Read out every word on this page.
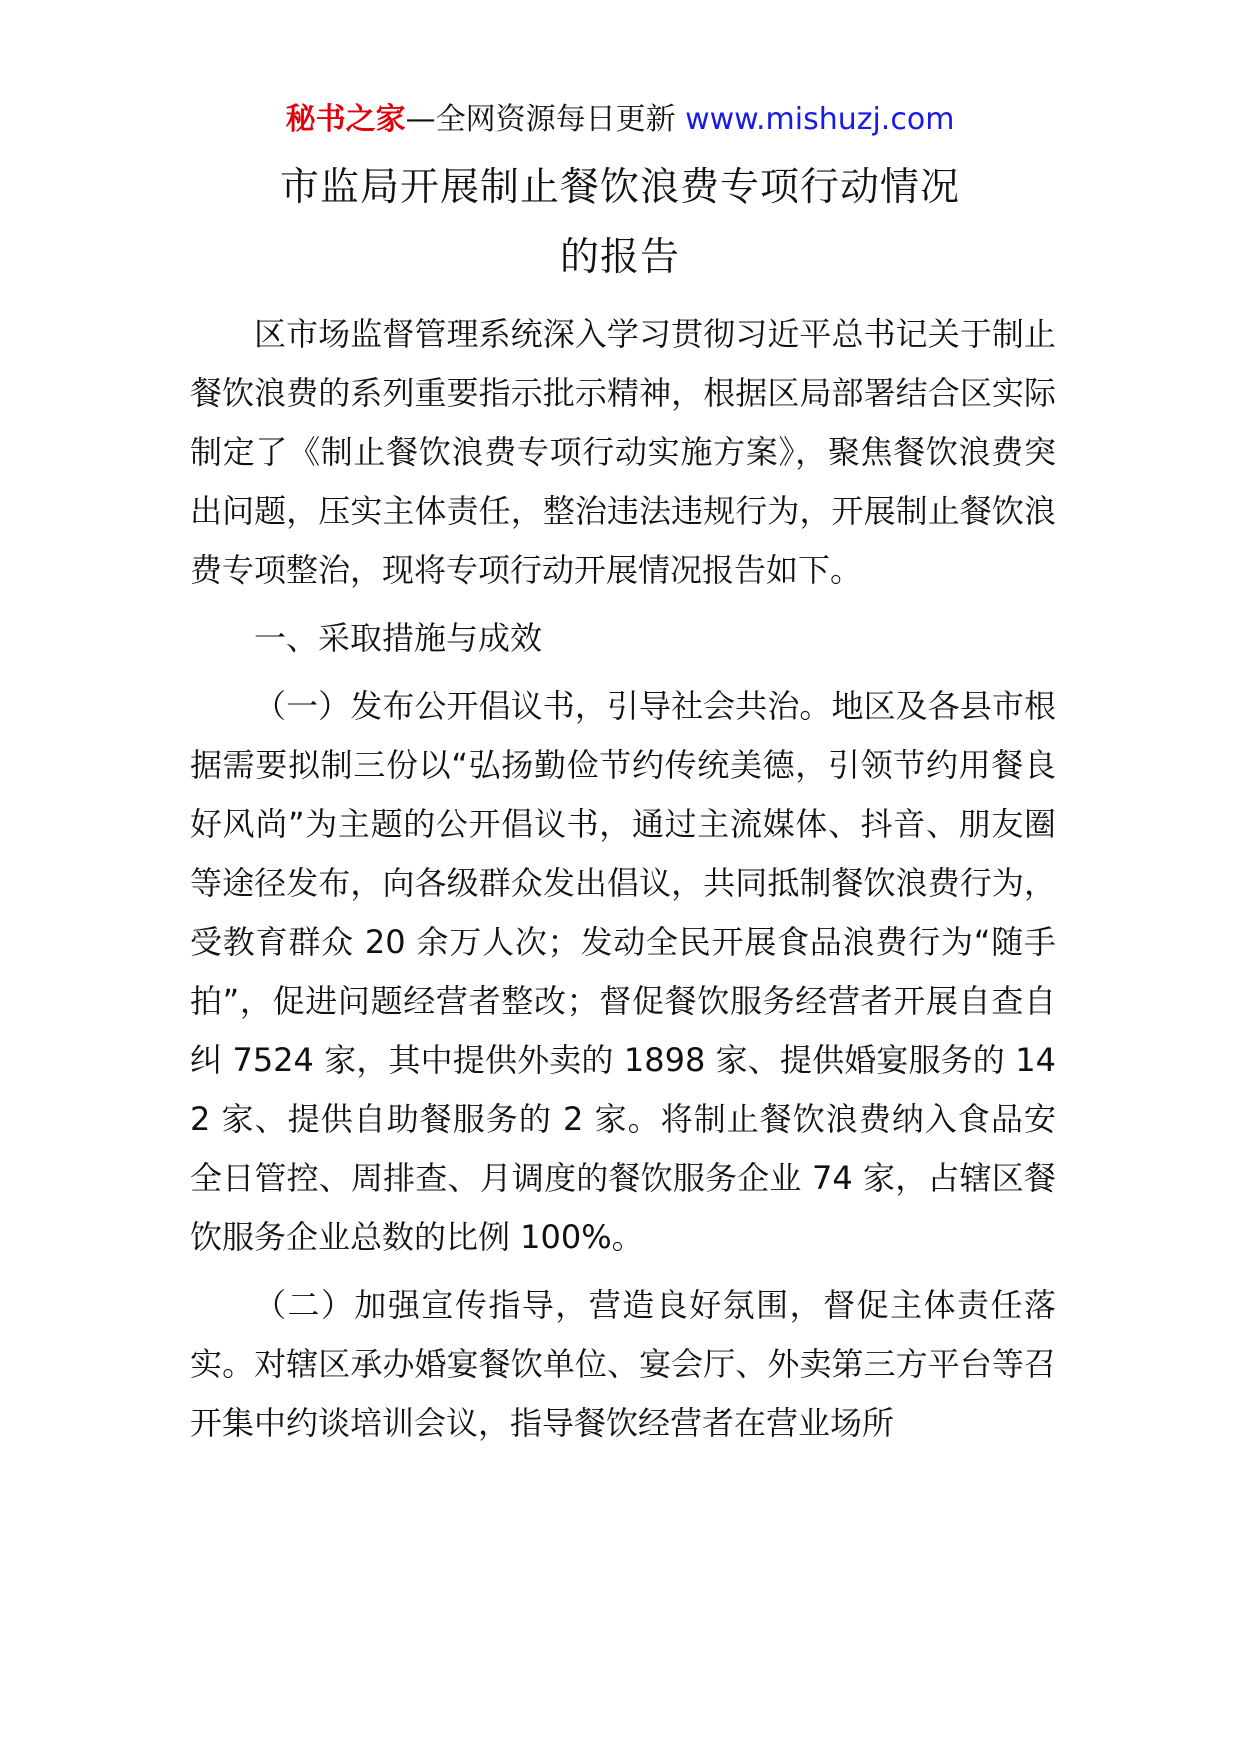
秘书之家—全网资源每日更新 www.mishuzj.com
市监局开展制止餐饮浪费专项行动情况
的报告

区市场监督管理系统深入学习贯彻习近平总书记关于制止餐饮浪费的系列重要指示批示精神，根据区局部署结合区实际制定了《制止餐饮浪费专项行动实施方案》，聚焦餐饮浪费突出问题，压实主体责任，整治违法违规行为，开展制止餐饮浪费专项整治，现将专项行动开展情况报告如下。

一、采取措施与成效

（一）发布公开倡议书，引导社会共治。地区及各县市根据需要拟制三份以“弘扬勤俭节约传统美德，引领节约用餐良好风尚”为主题的公开倡议书，通过主流媒体、抖音、朋友圈等途径发布，向各级群众发出倡议，共同抵制餐饮浪费行为，受教育群众 20 余万人次；发动全民开展食品浪费行为“随手拍”，促进问题经营者整改；督促餐饮服务经营者开展自查自纠 7524 家，其中提供外卖的 1898 家、提供婚宴服务的 142 家、提供自助餐服务的 2 家。将制止餐饮浪费纳入食品安全日管控、周排查、月调度的餐饮服务企业 74 家，占辖区餐饮服务企业总数的比例 100%。

（二）加强宣传指导，营造良好氛围，督促主体责任落实。对辖区承办婚宴餐饮单位、宴会厅、外卖第三方平台等召开集中约谈培训会议，指导餐饮经营者在营业场所
